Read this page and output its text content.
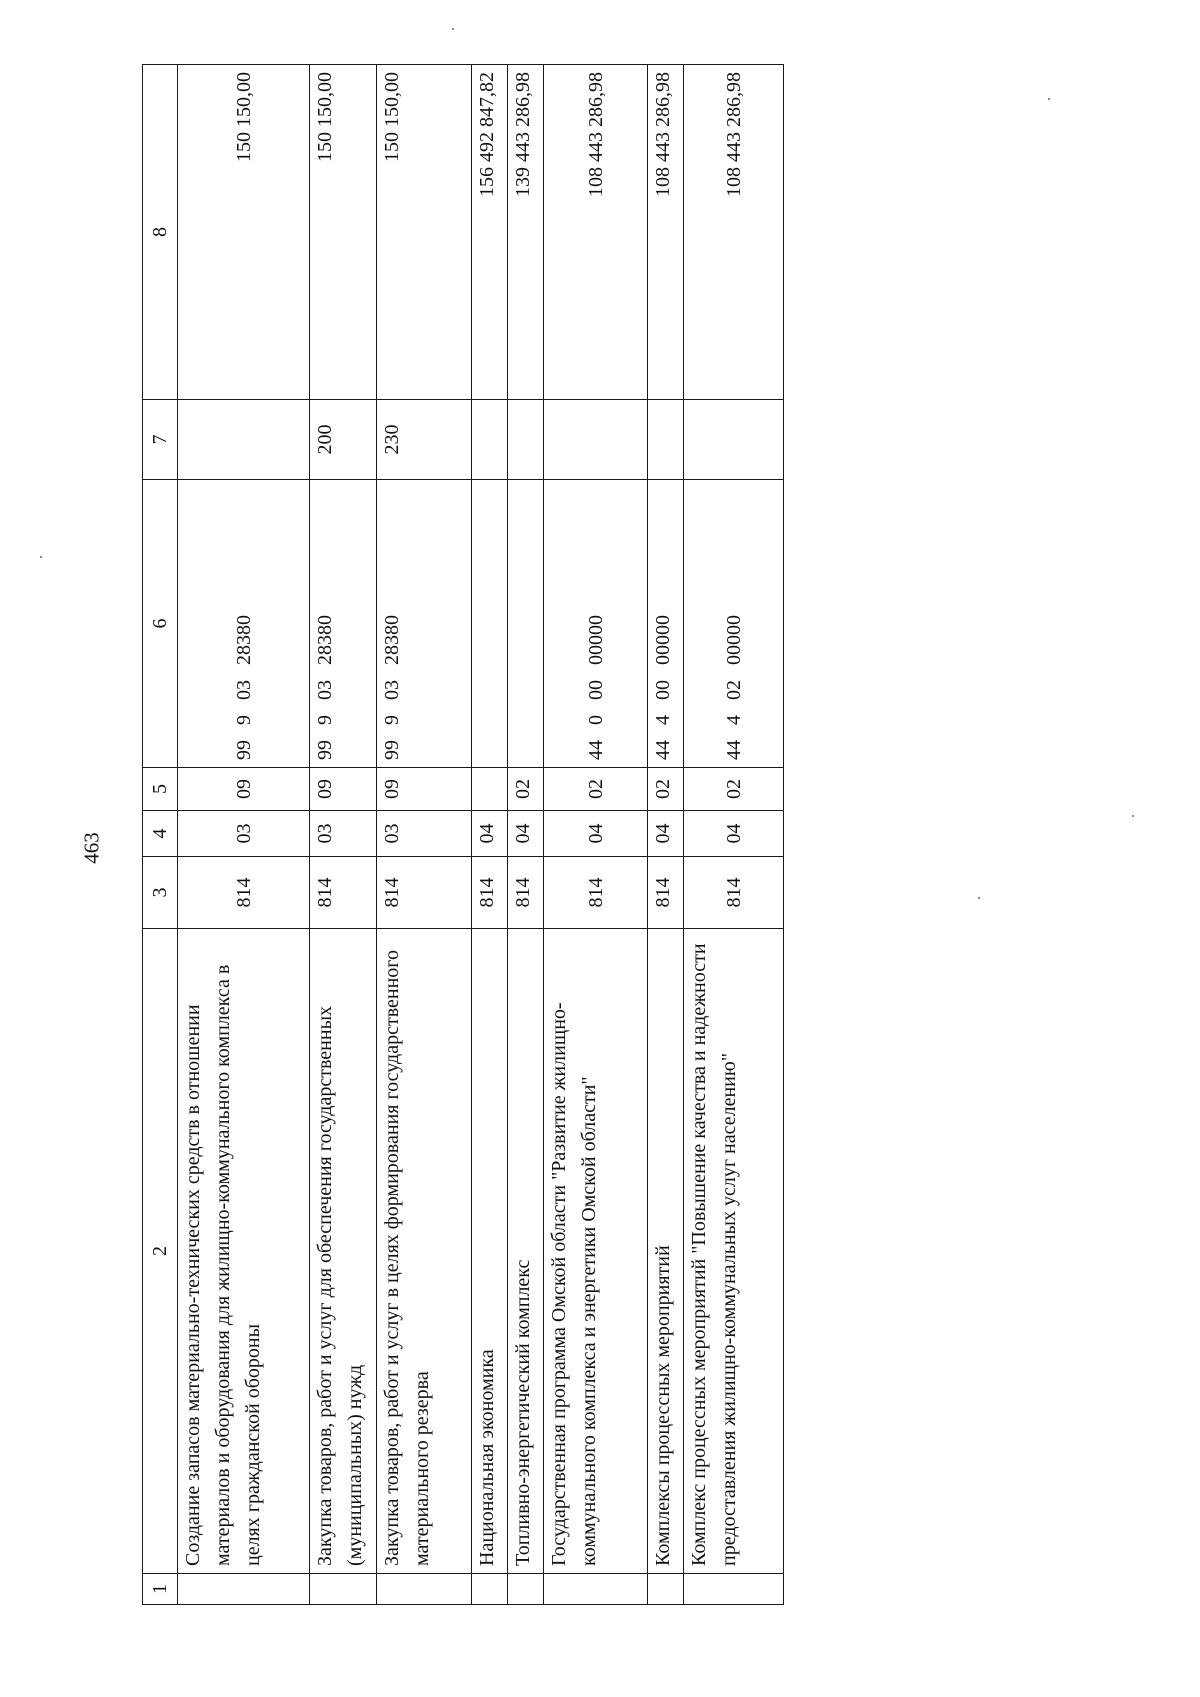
463
1	2	3	4	5	6	7	8
	Создание запасов материально-технических средств в отношении материалов и оборудования для жилищно-коммунального комплекса в целях гражданской обороны	814	03	09	99   9   03   28380		150 150,00
	Закупка товаров, работ и услуг для обеспечения государственных (муниципальных) нужд	814	03	09	99   9   03   28380	200	150 150,00
	Закупка товаров, работ и услуг в целях формирования государственного материального резерва	814	03	09	99   9   03   28380	230	150 150,00
	Национальная экономика	814	04				156 492 847,82
	Топливно-энергетический комплекс	814	04	02			139 443 286,98
	Государственная программа Омской области "Развитие жилищно-коммунального комплекса и энергетики Омской области"	814	04	02	44   0   00   00000		108 443 286,98
	Комплексы процессных мероприятий	814	04	02	44   4   00   00000		108 443 286,98
	Комплекс процессных мероприятий "Повышение качества и надежности предоставления жилищно-коммунальных услуг населению"	814	04	02	44   4   02   00000		108 443 286,98
